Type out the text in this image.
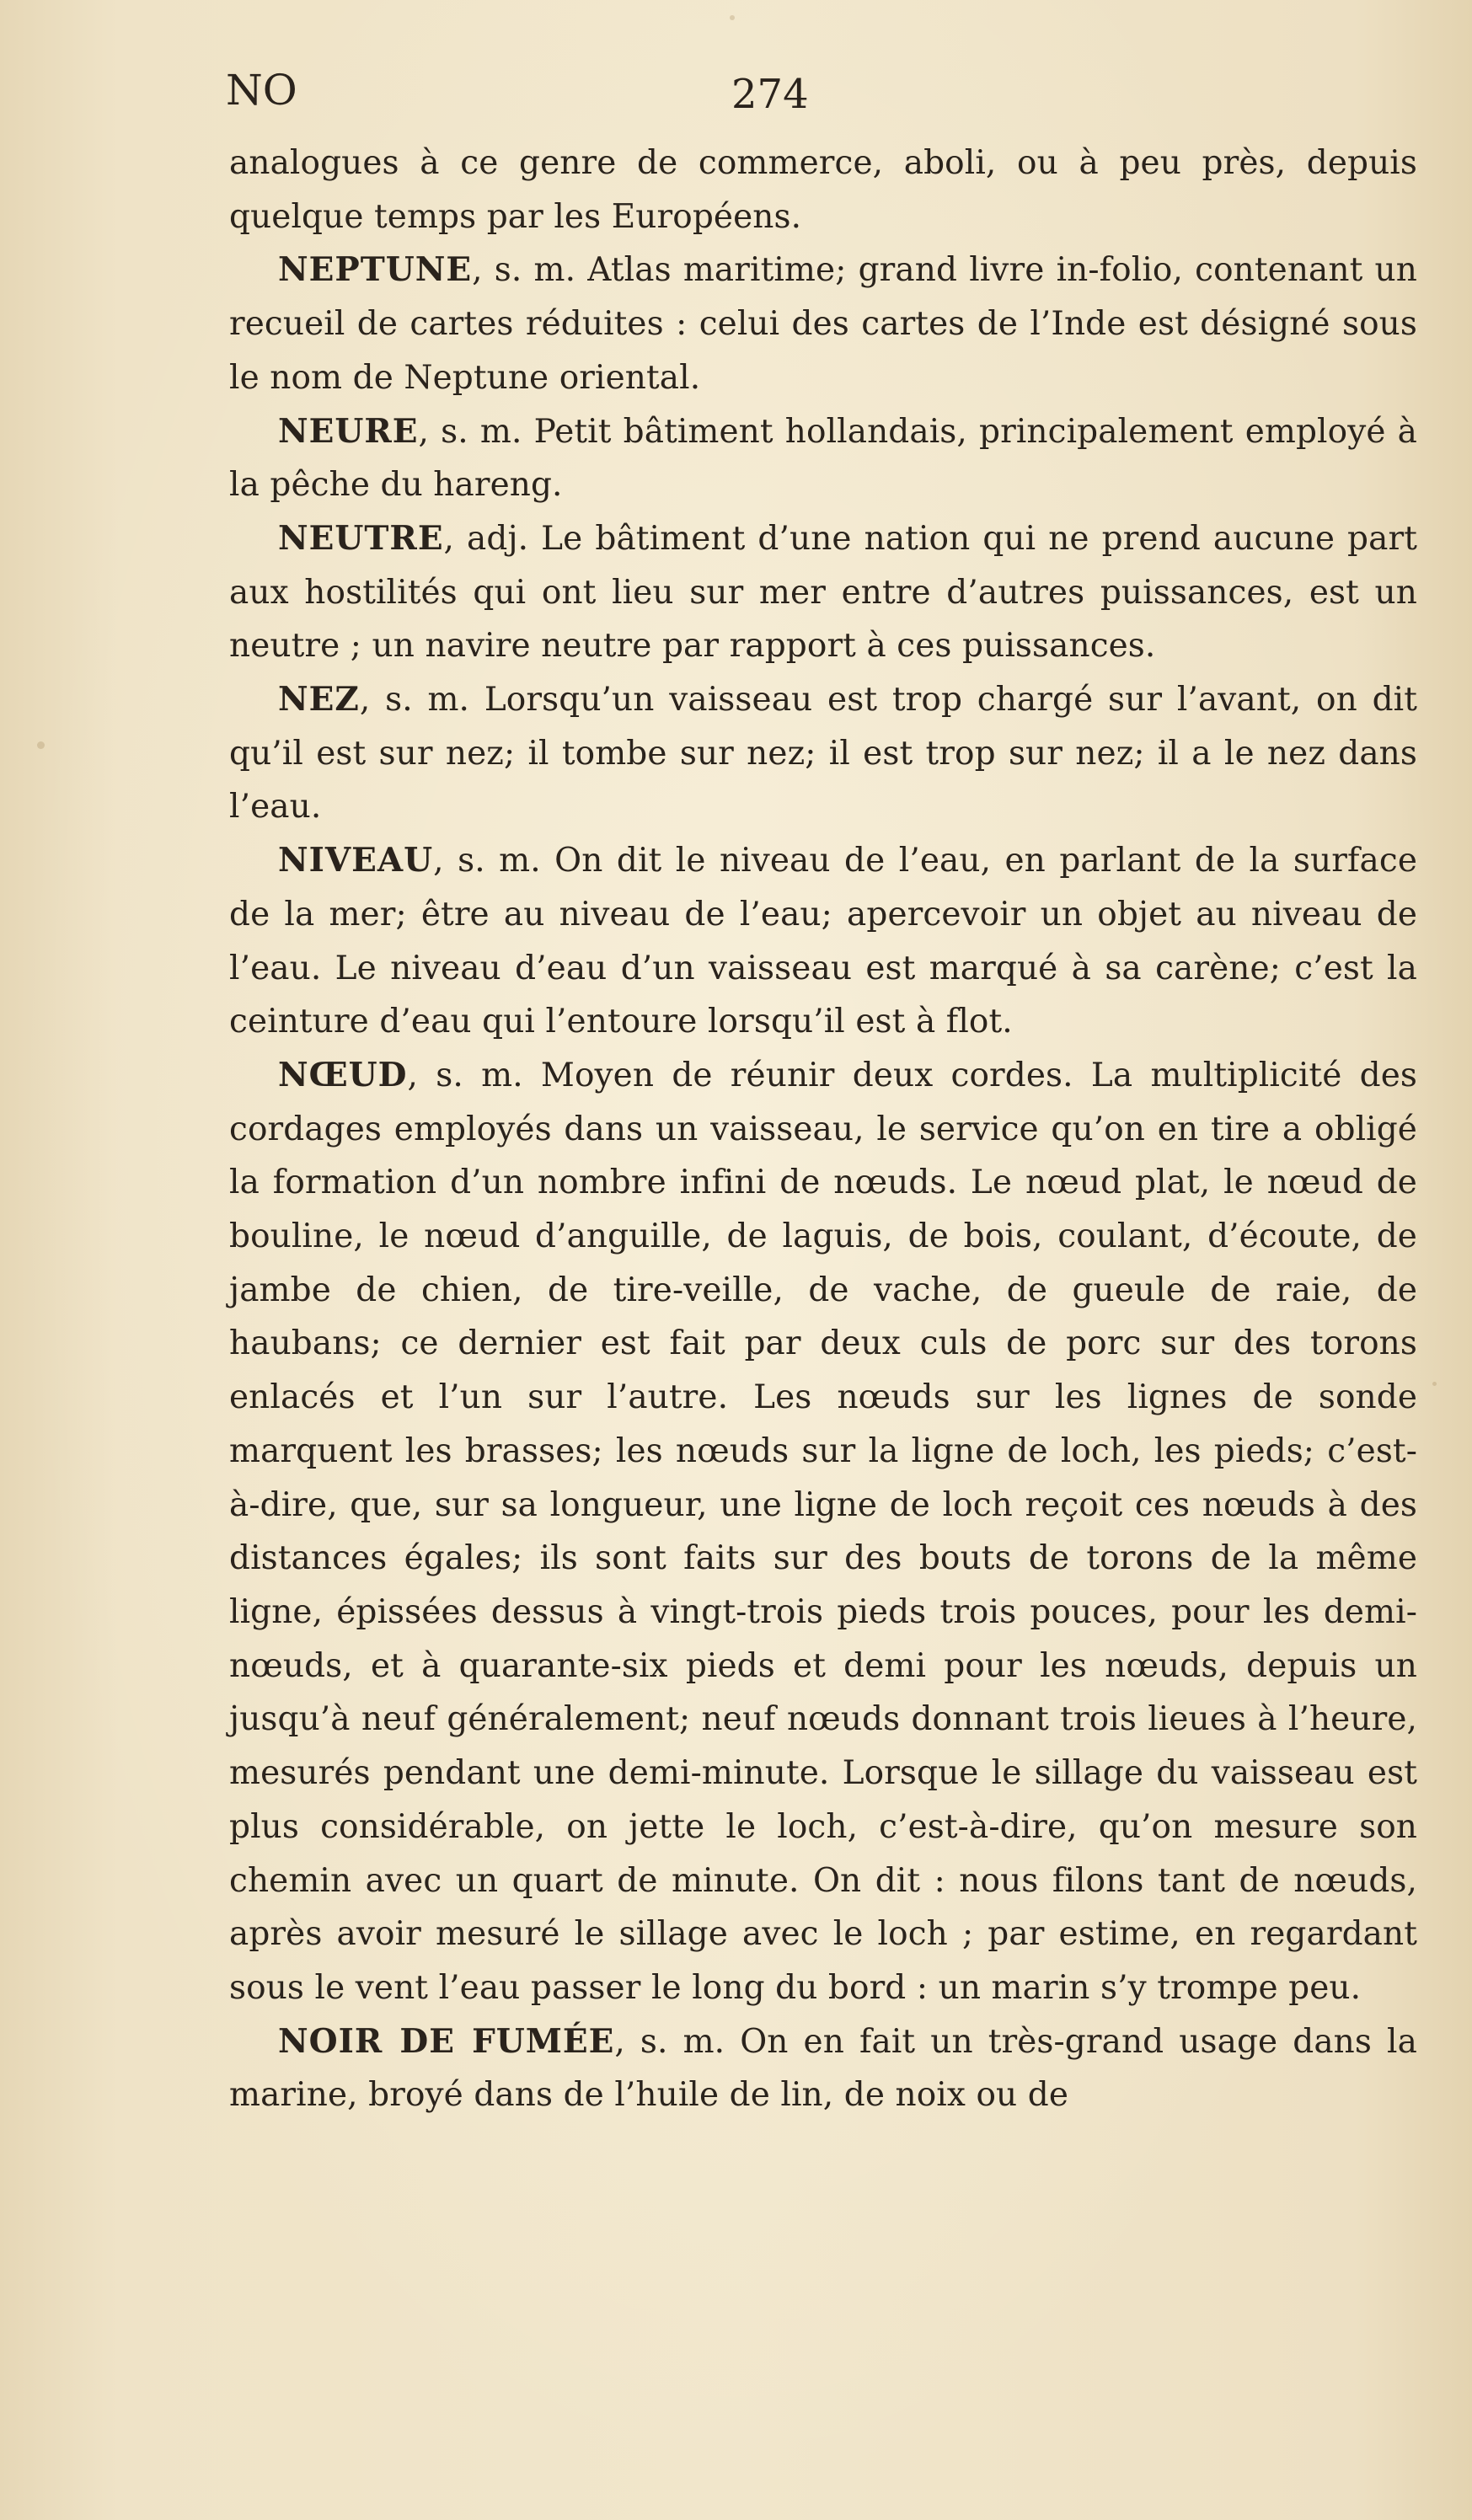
NO	274

analogues à ce genre de commerce, aboli, ou à peu près, depuis quelque temps par les Européens.

NEPTUNE, s. m. Atlas maritime; grand livre in-folio, contenant un recueil de cartes réduites : celui des cartes de l’Inde est désigné sous le nom de Neptune oriental.

NEURE, s. m. Petit bâtiment hollandais, principalement employé à la pêche du hareng.

NEUTRE, adj. Le bâtiment d’une nation qui ne prend aucune part aux hostilités qui ont lieu sur mer entre d’autres puissances, est un neutre ; un navire neutre par rapport à ces puissances.

NEZ, s. m. Lorsqu’un vaisseau est trop chargé sur l’avant, on dit qu’il est sur nez; il tombe sur nez; il est trop sur nez; il a le nez dans l’eau.

NIVEAU, s. m. On dit le niveau de l’eau, en parlant de la surface de la mer; être au niveau de l’eau; apercevoir un objet au niveau de l’eau. Le niveau d’eau d’un vaisseau est marqué à sa carène; c’est la ceinture d’eau qui l’entoure lorsqu’il est à flot.

NŒUD, s. m. Moyen de réunir deux cordes. La multiplicité des cordages employés dans un vaisseau, le service qu’on en tire a obligé la formation d’un nombre infini de nœuds. Le nœud plat, le nœud de bouline, le nœud d’anguille, de laguis, de bois, coulant, d’écoute, de jambe de chien, de tire-veille, de vache, de gueule de raie, de haubans; ce dernier est fait par deux culs de porc sur des torons enlacés et l’un sur l’autre. Les nœuds sur les lignes de sonde marquent les brasses; les nœuds sur la ligne de loch, les pieds; c’est-à-dire, que, sur sa longueur, une ligne de loch reçoit ces nœuds à des distances égales; ils sont faits sur des bouts de torons de la même ligne, épissées dessus à vingt-trois pieds trois pouces, pour les demi-nœuds, et à quarante-six pieds et demi pour les nœuds, depuis un jusqu’à neuf généralement; neuf nœuds donnant trois lieues à l’heure, mesurés pendant une demi-minute. Lorsque le sillage du vaisseau est plus considérable, on jette le loch, c’est-à-dire, qu’on mesure son chemin avec un quart de minute. On dit : nous filons tant de nœuds, après avoir mesuré le sillage avec le loch ; par estime, en regardant sous le vent l’eau passer le long du bord : un marin s’y trompe peu.

NOIR DE FUMÉE, s. m. On en fait un très-grand usage dans la marine, broyé dans de l’huile de lin, de noix ou de
